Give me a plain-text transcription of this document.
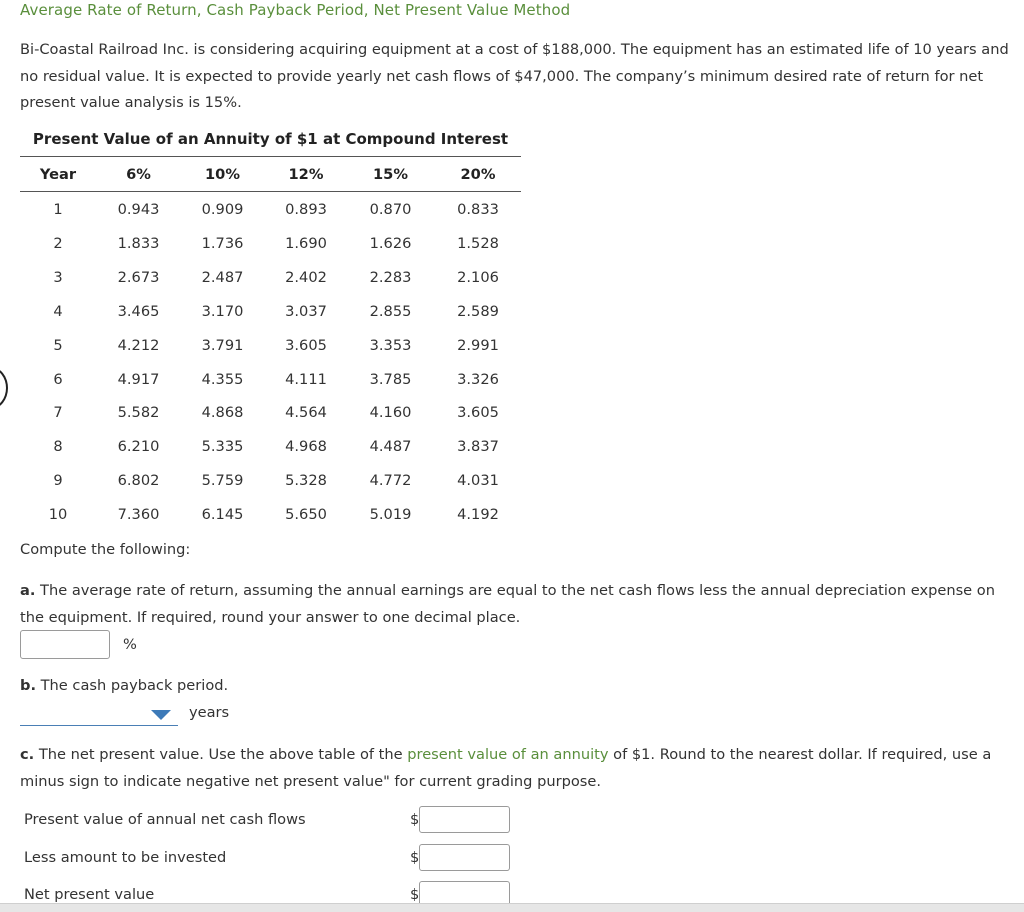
Average Rate of Return, Cash Payback Period, Net Present Value Method
Bi-Coastal Railroad Inc. is considering acquiring equipment at a cost of $188,000. The equipment has an estimated life of 10 years and no residual value. It is expected to provide yearly net cash flows of $47,000. The company’s minimum desired rate of return for net present value analysis is 15%.
Present Value of an Annuity of $1 at Compound Interest
Year	6%	10%	12%	15%	20%
1	0.943	0.909	0.893	0.870	0.833
2	1.833	1.736	1.690	1.626	1.528
3	2.673	2.487	2.402	2.283	2.106
4	3.465	3.170	3.037	2.855	2.589
5	4.212	3.791	3.605	3.353	2.991
6	4.917	4.355	4.111	3.785	3.326
7	5.582	4.868	4.564	4.160	3.605
8	6.210	5.335	4.968	4.487	3.837
9	6.802	5.759	5.328	4.772	4.031
10	7.360	6.145	5.650	5.019	4.192
Compute the following:
a. The average rate of return, assuming the annual earnings are equal to the net cash flows less the annual depreciation expense on the equipment. If required, round your answer to one decimal place.
%
b. The cash payback period.
years
c. The net present value. Use the above table of the present value of an annuity of $1. Round to the nearest dollar. If required, use a minus sign to indicate negative net present value" for current grading purpose.
Present value of annual net cash flows	$
Less amount to be invested	$
Net present value	$
